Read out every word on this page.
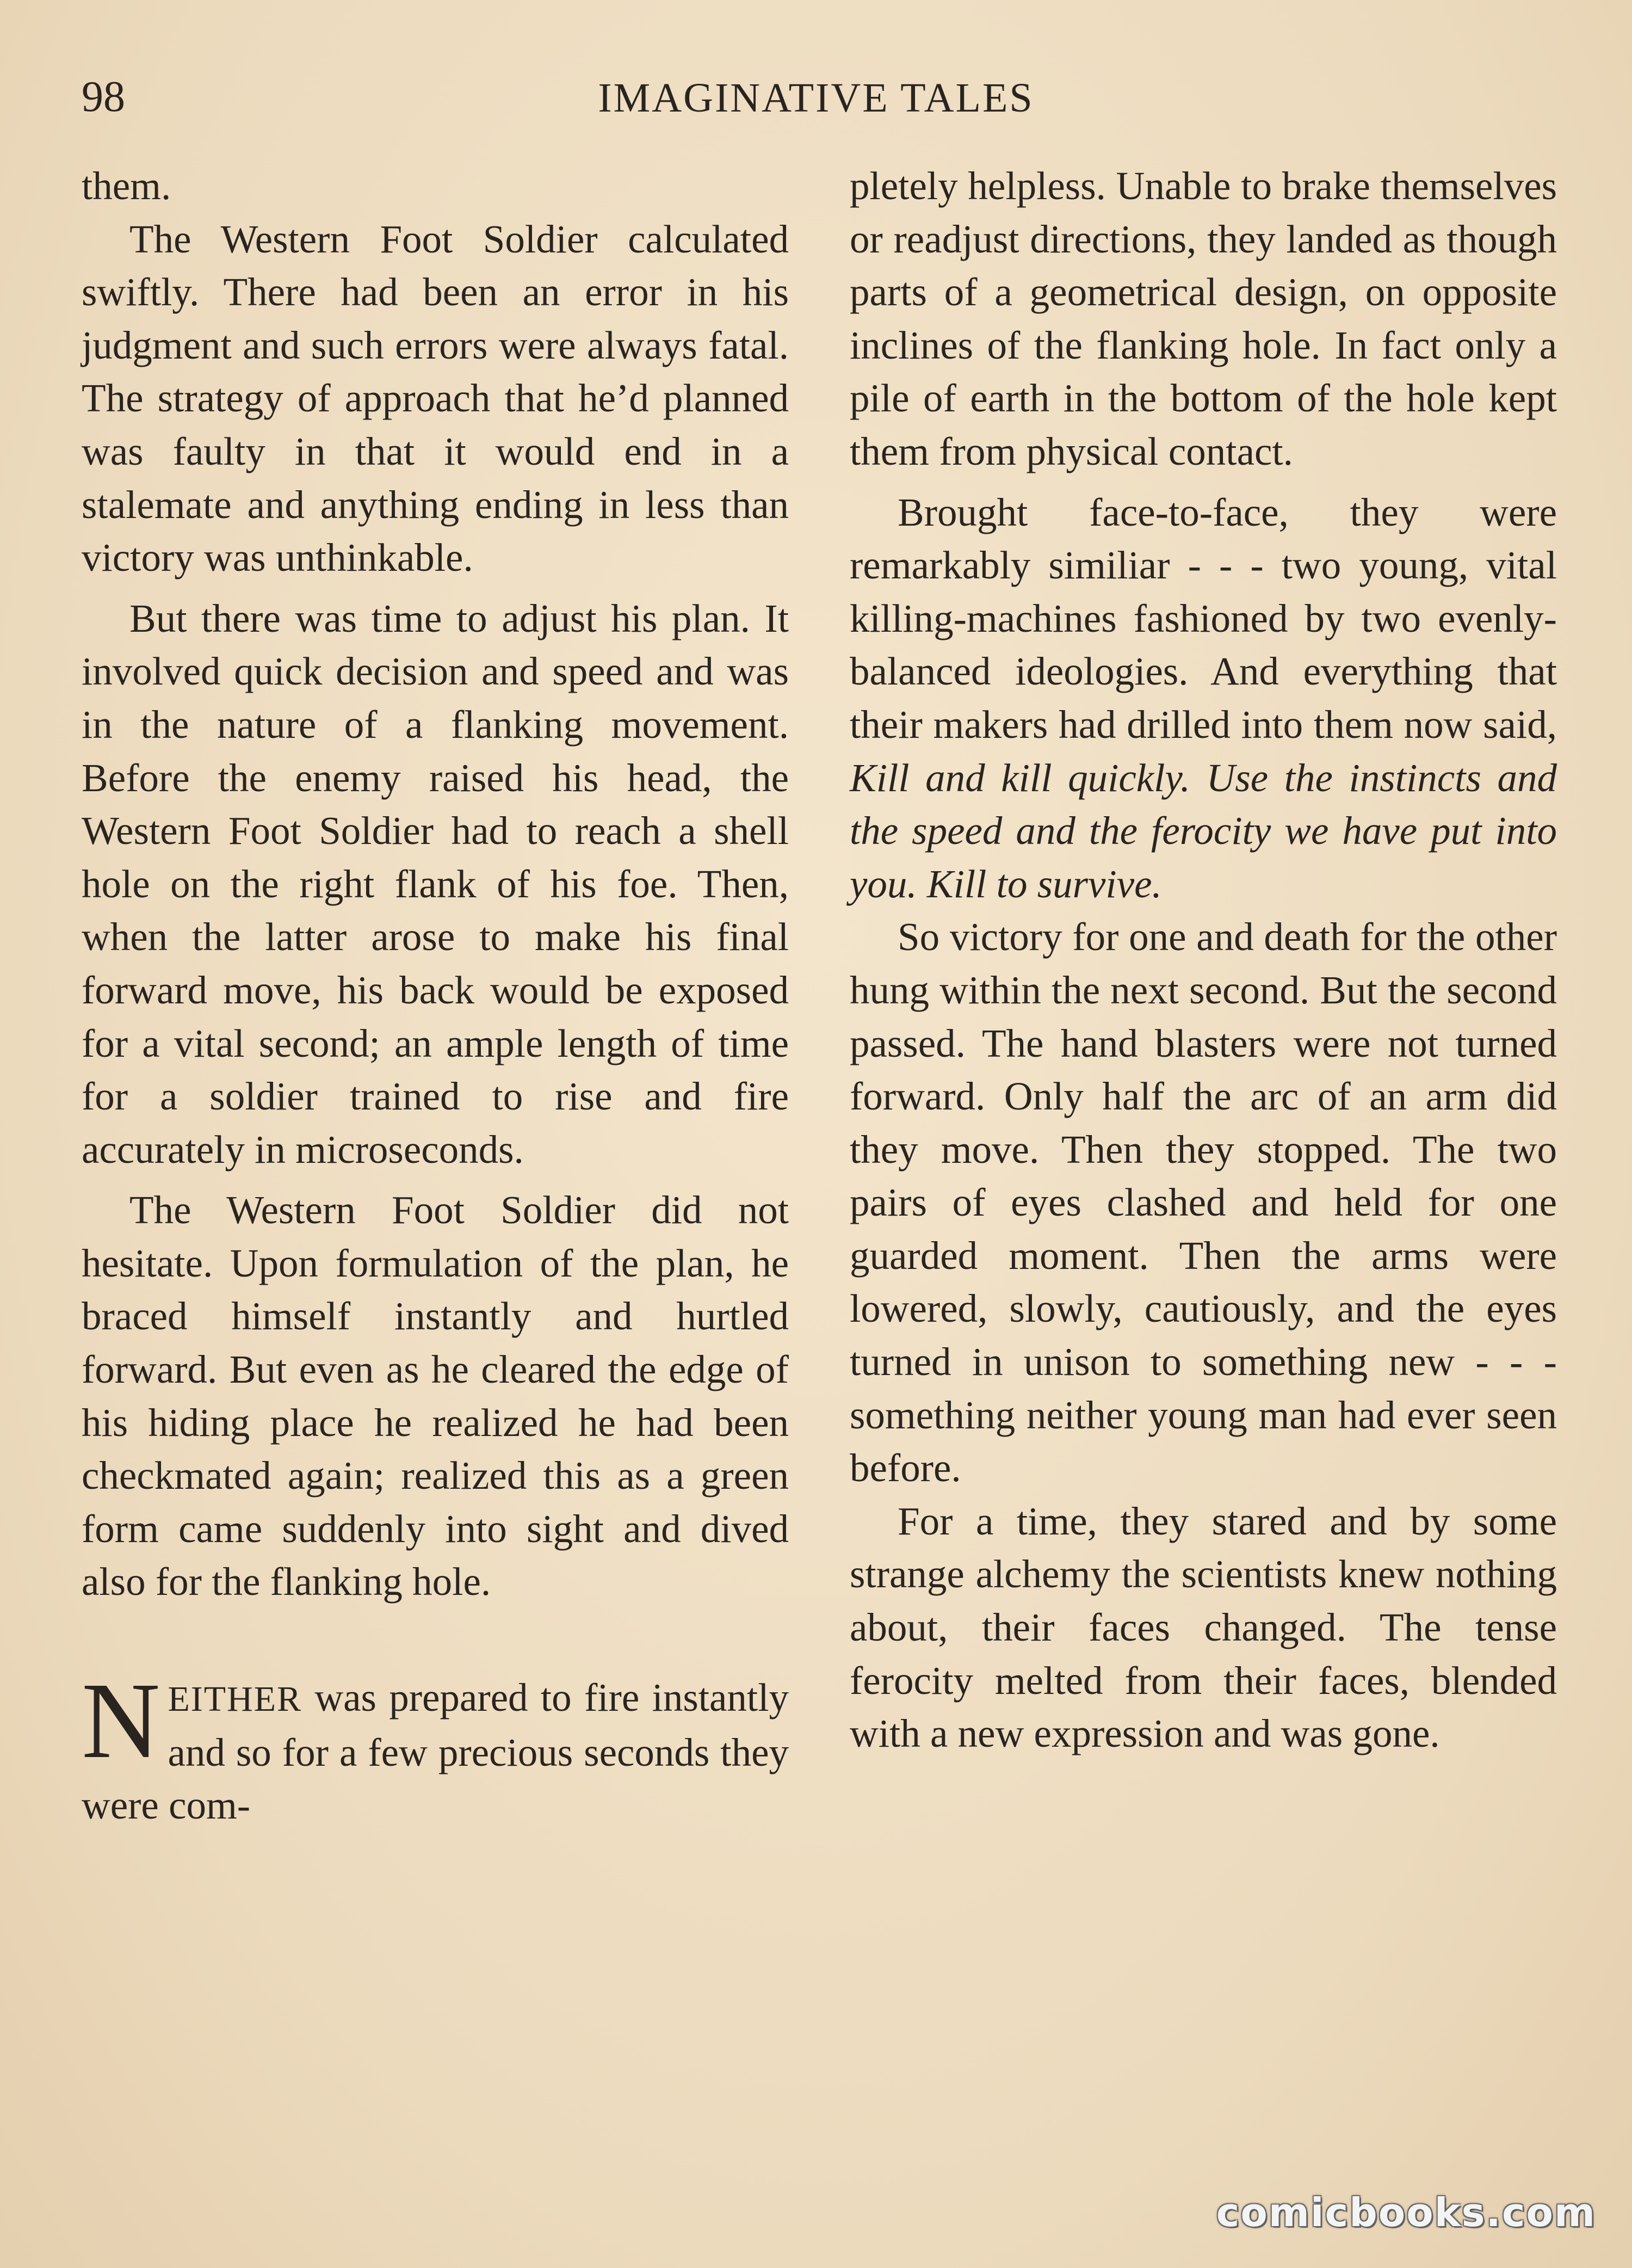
98	IMAGINATIVE TALES

them.

The Western Foot Soldier calculated swiftly. There had been an error in his judgment and such errors were always fatal. The strategy of approach that he’d planned was faulty in that it would end in a stalemate and anything ending in less than victory was unthinkable.

But there was time to adjust his plan. It involved quick decision and speed and was in the nature of a flanking movement. Before the enemy raised his head, the Western Foot Soldier had to reach a shell hole on the right flank of his foe. Then, when the latter arose to make his final forward move, his back would be exposed for a vital second; an ample length of time for a soldier trained to rise and fire accurately in microseconds.

The Western Foot Soldier did not hesitate. Upon formulation of the plan, he braced himself instantly and hurtled forward. But even as he cleared the edge of his hiding place he realized he had been checkmated again; realized this as a green form came suddenly into sight and dived also for the flanking hole.

NEITHER was prepared to fire instantly and so for a few precious seconds they were com-

pletely helpless. Unable to brake themselves or readjust directions, they landed as though parts of a geometrical design, on opposite inclines of the flanking hole. In fact only a pile of earth in the bottom of the hole kept them from physical contact.

Brought face-to-face, they were remarkably similiar - - - two young, vital killing-machines fashioned by two evenly-balanced ideologies. And everything that their makers had drilled into them now said, Kill and kill quickly. Use the instincts and the speed and the ferocity we have put into you. Kill to survive.

So victory for one and death for the other hung within the next second. But the second passed. The hand blasters were not turned forward. Only half the arc of an arm did they move. Then they stopped. The two pairs of eyes clashed and held for one guarded moment. Then the arms were lowered, slowly, cautiously, and the eyes turned in unison to something new - - - something neither young man had ever seen before.

For a time, they stared and by some strange alchemy the scientists knew nothing about, their faces changed. The tense ferocity melted from their faces, blended with a new expression and was gone.

comicbooks.com
